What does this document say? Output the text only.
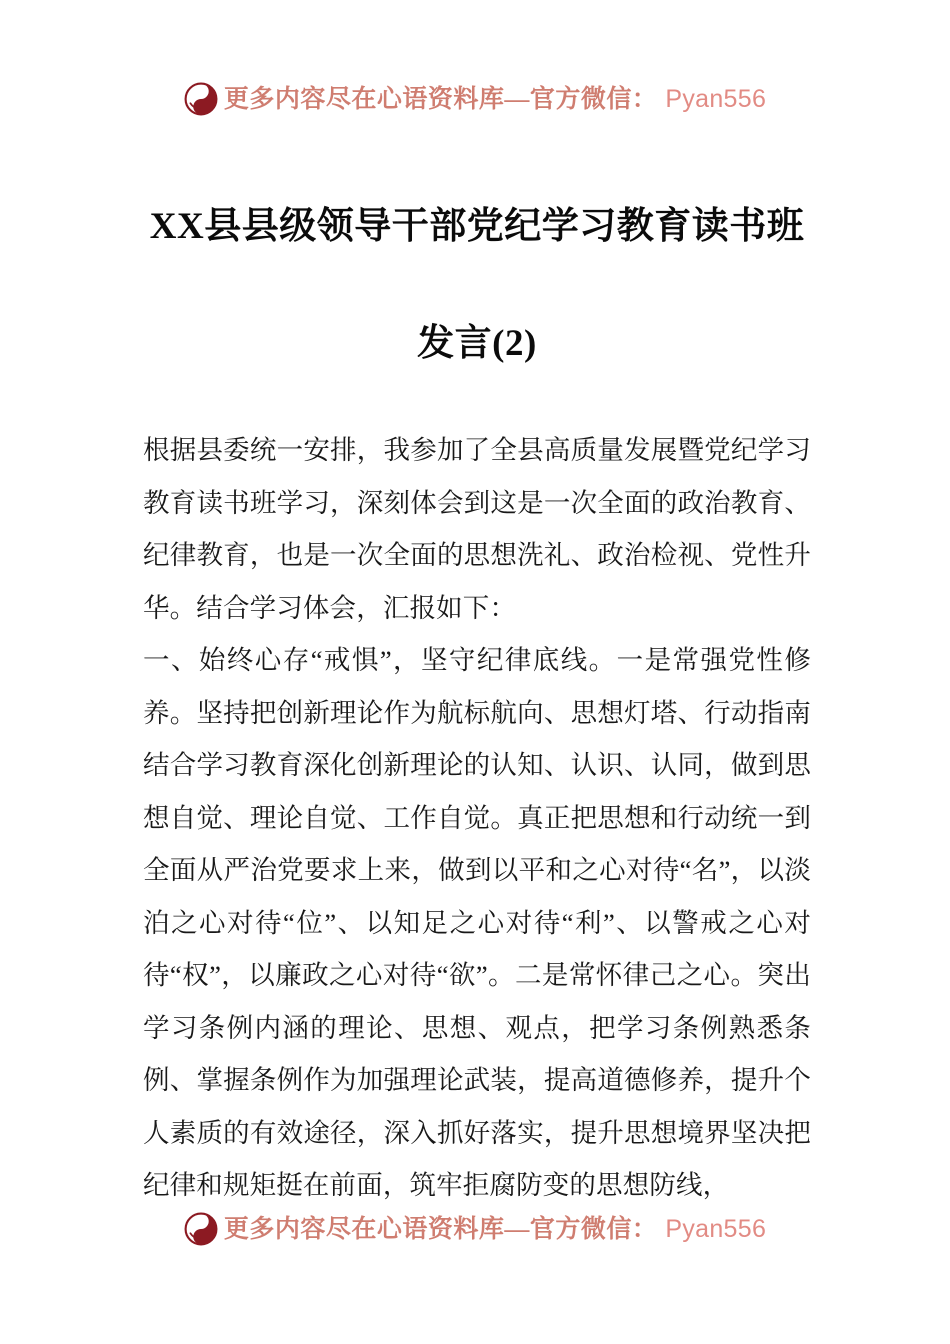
更多内容尽在心语资料库—官方微信： Pyan556
XX县县级领导干部党纪学习教育读书班发言(2)

根据县委统一安排，我参加了全县高质量发展暨党纪学习教育读书班学习，深刻体会到这是一次全面的政治教育、纪律教育，也是一次全面的思想洗礼、政治检视、党性升华。结合学习体会，汇报如下：

一、始终心存“戒惧”，坚守纪律底线。一是常强党性修养。坚持把创新理论作为航标航向、思想灯塔、行动指南结合学习教育深化创新理论的认知、认识、认同，做到思想自觉、理论自觉、工作自觉。真正把思想和行动统一到全面从严治党要求上来，做到以平和之心对待“名”，以淡泊之心对待“位”、以知足之心对待“利”、以警戒之心对待“权”，以廉政之心对待“欲”。二是常怀律己之心。突出学习条例内涵的理论、思想、观点，把学习条例熟悉条例、掌握条例作为加强理论武装，提高道德修养，提升个人素质的有效途径，深入抓好落实，提升思想境界坚决把纪律和规矩挺在前面，筑牢拒腐防变的思想防线，

更多内容尽在心语资料库—官方微信： Pyan556
